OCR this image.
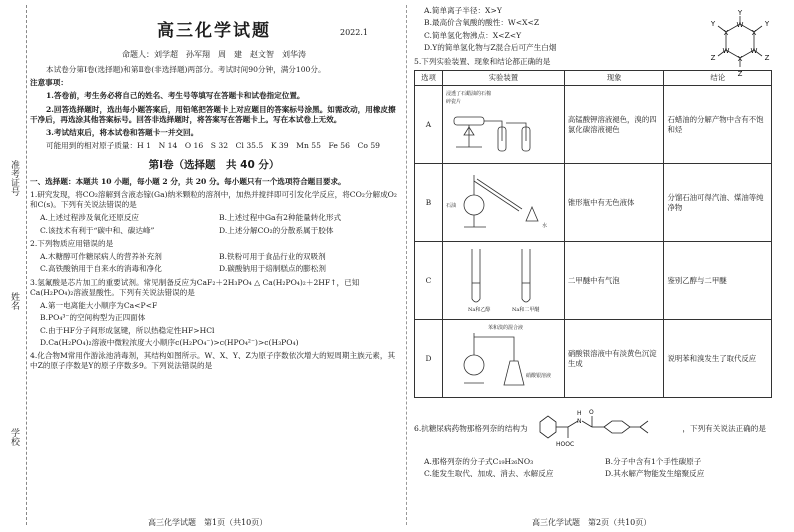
准考证号
姓名
学校
高三化学试题	2022.1
命题人：刘学超　孙军翔　周　建　赵文智　刘华涛

本试卷分第Ⅰ卷(选择题)和第Ⅱ卷(非选择题)两部分。考试时间90分钟，满分100分。

注意事项：

1.答卷前，考生务必将自己的姓名、考生号等填写在答题卡和试卷指定位置。

2.回答选择题时，选出每小题答案后，用铅笔把答题卡上对应题目的答案标号涂黑。如需改动，用橡皮擦干净后，再选涂其他答案标号。回答非选择题时，将答案写在答题卡上。写在本试卷上无效。

3.考试结束后，将本试卷和答题卡一并交回。

可能用到的相对原子质量：H 1　N 14　O 16　S 32　Cl 35.5　K 39　Mn 55　Fe 56　Co 59

第Ⅰ卷（选择题　共 40 分）

一、选择题：本题共 10 小题，每小题 2 分，共 20 分。每小题只有一个选项符合题目要求。

1.研究发现，将CO₂溶解到含液态镓(Ga)纳米颗粒的溶剂中，加热并搅拌即可引发化学反应，将CO₂分解成O₂和C(s)。下列有关说法错误的是

A.上述过程涉及氧化还原反应	B.上述过程中Ga有2种能量转化形式
C.该技术有利于“碳中和、碳达峰”	D.上述分解CO₂的分散系属于胶体

2.下列物质应用错误的是

A.木糖醇可作糖尿病人的营养补充剂	B.铁粉可用于食品行业的双吸剂
C.高铁酸钠用于自来水的消毒和净化	D.碳酸钠用于焙制糕点的膨松剂

3.氢氟酸是芯片加工的重要试剂。常见制备反应为CaF₂＋2H₃PO₄ △ Ca(H₂PO₄)₂＋2HF↑，已知Ca(H₂PO₄)₂溶液显酸性。下列有关说法错误的是

A.第一电离能大小顺序为Ca<P<F
B.PO₄³⁻的空间构型为正四面体
C.由于HF分子间形成氢键，所以热稳定性HF>HCl
D.Ca(H₂PO₄)₂溶液中微粒浓度大小顺序c(H₂PO₄⁻)>c(HPO₄²⁻)>c(H₃PO₄)

4.化合物M常用作游泳池消毒剂，其结构如图所示。W、X、Y、Z为原子序数依次增大的短周期主族元素，其中Z的原子序数是Y的原子序数多9。下列说法错误的是

高三化学试题　第1页（共10页）
A.简单离子半径：X>Y
B.最高价含氧酸的酸性：W<X<Z
C.简单氢化物沸点：X<Z<Y
D.Y的简单氢化物与Z混合后可产生白烟
Y
Z
Z
Z
Y
Y	W
W
W
X
X
X

5.下列实验装置、现象和结论都正确的是

选项	实验装置	现象	结论
A	浸透了石蜡油的石棉
碎瓷片	高锰酸钾溶液褪色，溴的四氯化碳溶液褪色	石蜡油的分解产物中含有不饱和烃
B	石油
水	锥形瓶中有无色液体	分馏石油可得汽油、煤油等纯净物
C	Na和乙醇 Na和二甲醚	二甲醚中有气泡	鉴别乙醇与二甲醚
D	苯和溴的混合液
硝酸银溶液	硝酸银溶液中有淡黄色沉淀生成	说明苯和溴发生了取代反应
6.抗糖尿病药物那格列奈的结构为
HOOC
N
H O
，下列有关说法正确的是
A.那格列奈的分子式C₁₉H₂₆NO₃	B.分子中含有1个手性碳原子
C.能发生取代、加成、消去、水解反应	D.其水解产物能发生缩聚反应
高三化学试题　第2页（共10页）
